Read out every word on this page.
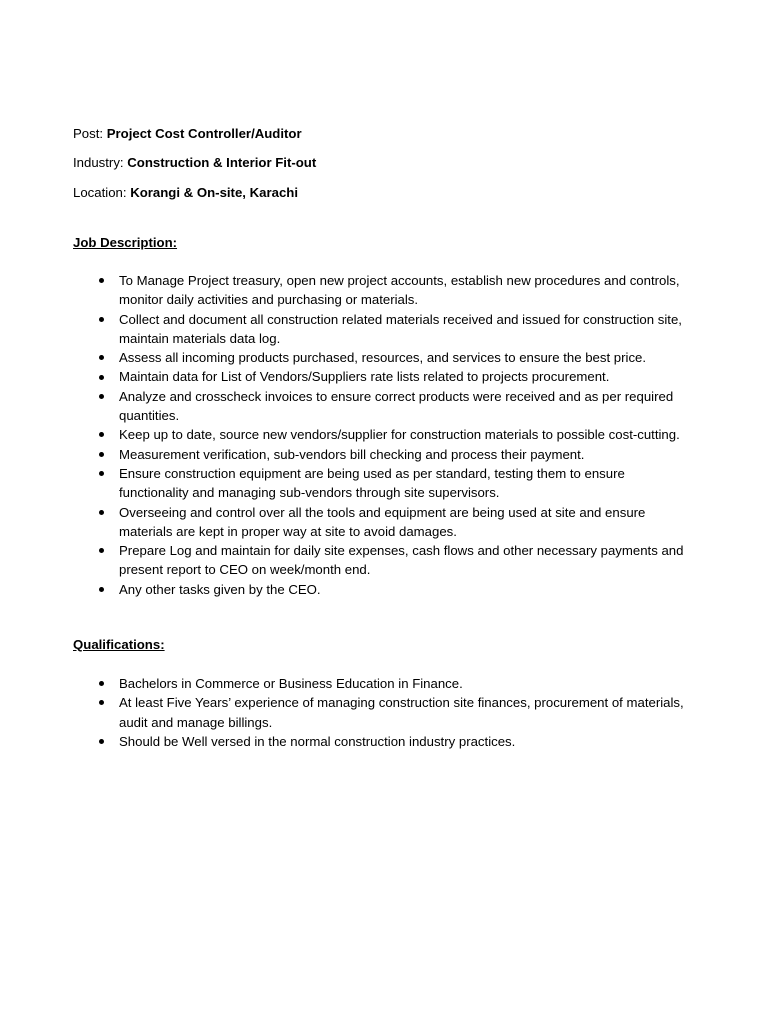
Post: Project Cost Controller/Auditor

Industry: Construction & Interior Fit-out

Location: Korangi & On-site, Karachi

Job Description:
To Manage Project treasury, open new project accounts, establish new procedures and controls, monitor daily activities and purchasing or materials.
Collect and document all construction related materials received and issued for construction site, maintain materials data log.
Assess all incoming products purchased, resources, and services to ensure the best price.
Maintain data for List of Vendors/Suppliers rate lists related to projects procurement.
Analyze and crosscheck invoices to ensure correct products were received and as per required quantities.
Keep up to date, source new vendors/supplier for construction materials to possible cost-cutting.
Measurement verification, sub-vendors bill checking and process their payment.
Ensure construction equipment are being used as per standard, testing them to ensure functionality and managing sub-vendors through site supervisors.
Overseeing and control over all the tools and equipment are being used at site and ensure materials are kept in proper way at site to avoid damages.
Prepare Log and maintain for daily site expenses, cash flows and other necessary payments and present report to CEO on week/month end.
Any other tasks given by the CEO.
Qualifications:
Bachelors in Commerce or Business Education in Finance.
At least Five Years’ experience of managing construction site finances, procurement of materials, audit and manage billings.
Should be Well versed in the normal construction industry practices.
